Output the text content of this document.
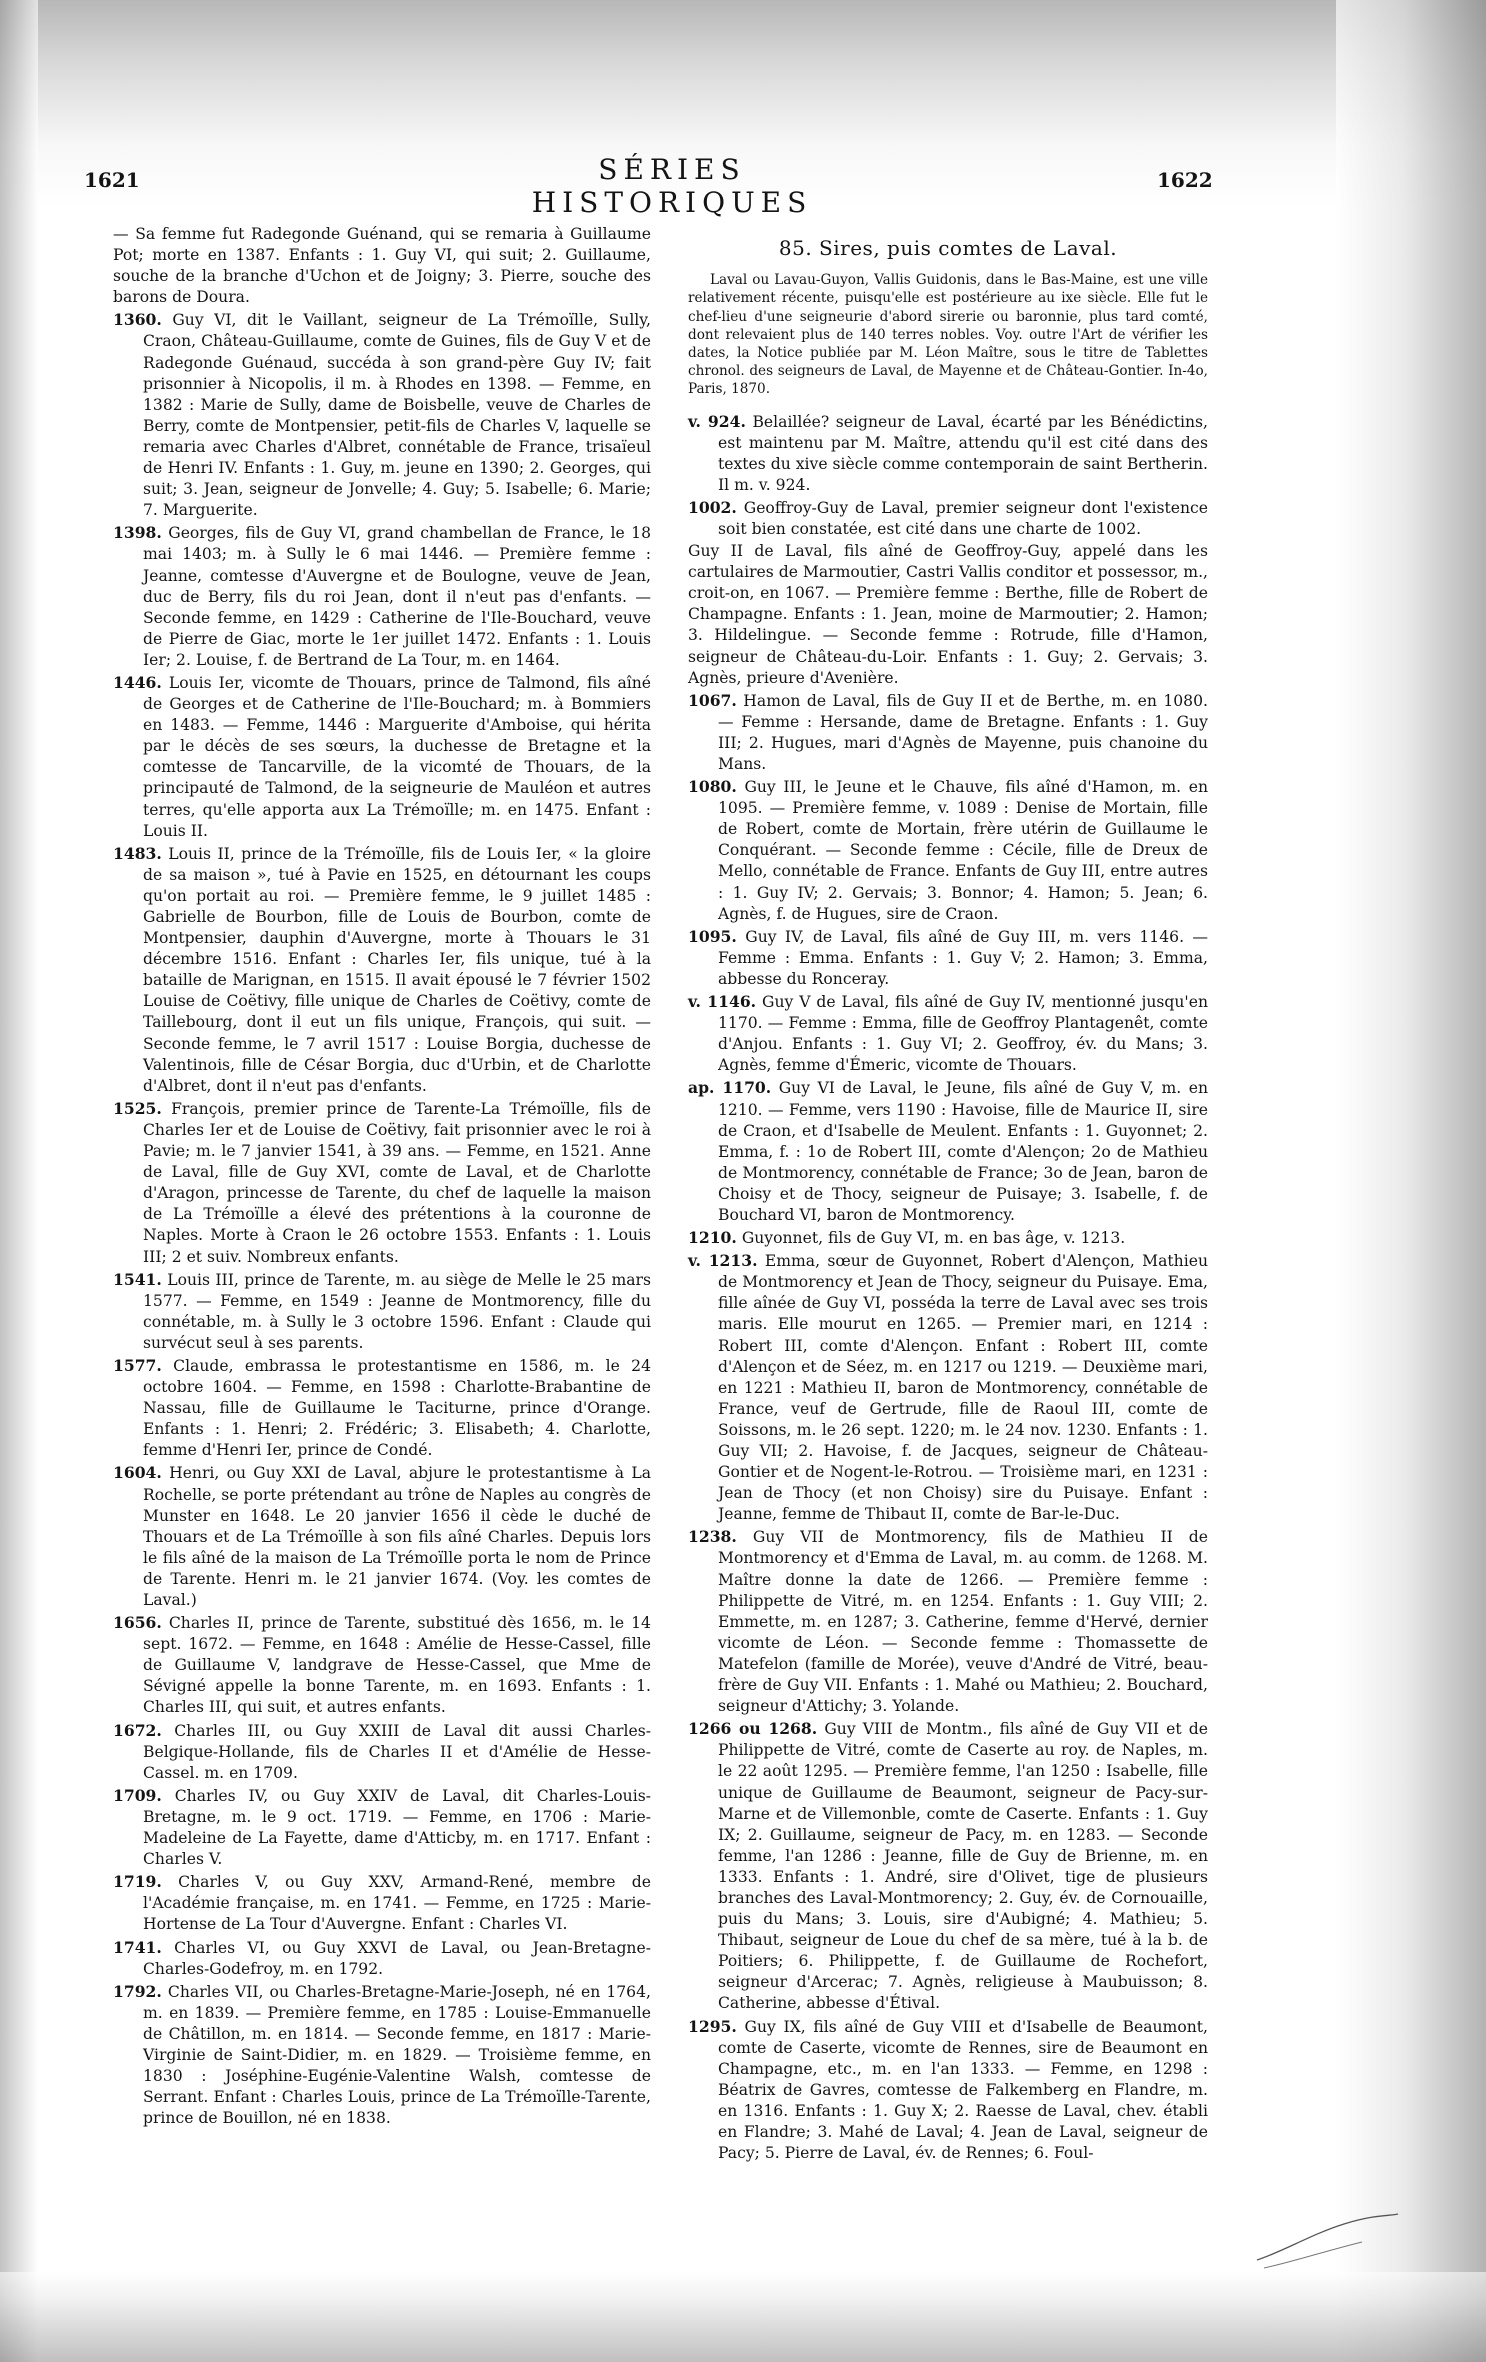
1621	SÉRIES HISTORIQUES
1622
— Sa femme fut Radegonde Guénand, qui se remaria à Guillaume Pot; morte en 1387. Enfants : 1. Guy VI, qui suit; 2. Guillaume, souche de la branche d'Uchon et de Joigny; 3. Pierre, souche des barons de Doura.
1360. Guy VI, dit le Vaillant, seigneur de La Trémoïlle, Sully, Craon, Château-Guillaume, comte de Guines, fils de Guy V et de Radegonde Guénaud, succéda à son grand-père Guy IV; fait prisonnier à Nicopolis, il m. à Rhodes en 1398. — Femme, en 1382 : Marie de Sully, dame de Boisbelle, veuve de Charles de Berry, comte de Montpensier, petit-fils de Charles V, laquelle se remaria avec Charles d'Albret, connétable de France, trisaïeul de Henri IV. Enfants : 1. Guy, m. jeune en 1390; 2. Georges, qui suit; 3. Jean, seigneur de Jonvelle; 4. Guy; 5. Isabelle; 6. Marie; 7. Marguerite.
1398. Georges, fils de Guy VI, grand chambellan de France, le 18 mai 1403; m. à Sully le 6 mai 1446. — Première femme : Jeanne, comtesse d'Auvergne et de Boulogne, veuve de Jean, duc de Berry, fils du roi Jean, dont il n'eut pas d'enfants. — Seconde femme, en 1429 : Catherine de l'Ile-Bouchard, veuve de Pierre de Giac, morte le 1er juillet 1472. Enfants : 1. Louis Ier; 2. Louise, f. de Bertrand de La Tour, m. en 1464.
1446. Louis Ier, vicomte de Thouars, prince de Talmond, fils aîné de Georges et de Catherine de l'Ile-Bouchard; m. à Bommiers en 1483. — Femme, 1446 : Marguerite d'Amboise, qui hérita par le décès de ses sœurs, la duchesse de Bretagne et la comtesse de Tancarville, de la vicomté de Thouars, de la principauté de Talmond, de la seigneurie de Mauléon et autres terres, qu'elle apporta aux La Trémoïlle; m. en 1475. Enfant : Louis II.
1483. Louis II, prince de la Trémoïlle, fils de Louis Ier, « la gloire de sa maison », tué à Pavie en 1525, en détournant les coups qu'on portait au roi. — Première femme, le 9 juillet 1485 : Gabrielle de Bourbon, fille de Louis de Bourbon, comte de Montpensier, dauphin d'Auvergne, morte à Thouars le 31 décembre 1516. Enfant : Charles Ier, fils unique, tué à la bataille de Marignan, en 1515. Il avait épousé le 7 février 1502 Louise de Coëtivy, fille unique de Charles de Coëtivy, comte de Taillebourg, dont il eut un fils unique, François, qui suit. — Seconde femme, le 7 avril 1517 : Louise Borgia, duchesse de Valentinois, fille de César Borgia, duc d'Urbin, et de Charlotte d'Albret, dont il n'eut pas d'enfants.
1525. François, premier prince de Tarente-La Trémoïlle, fils de Charles Ier et de Louise de Coëtivy, fait prisonnier avec le roi à Pavie; m. le 7 janvier 1541, à 39 ans. — Femme, en 1521. Anne de Laval, fille de Guy XVI, comte de Laval, et de Charlotte d'Aragon, princesse de Tarente, du chef de laquelle la maison de La Trémoïlle a élevé des prétentions à la couronne de Naples. Morte à Craon le 26 octobre 1553. Enfants : 1. Louis III; 2 et suiv. Nombreux enfants.
1541. Louis III, prince de Tarente, m. au siège de Melle le 25 mars 1577. — Femme, en 1549 : Jeanne de Montmorency, fille du connétable, m. à Sully le 3 octobre 1596. Enfant : Claude qui survécut seul à ses parents.
1577. Claude, embrassa le protestantisme en 1586, m. le 24 octobre 1604. — Femme, en 1598 : Charlotte-Brabantine de Nassau, fille de Guillaume le Taciturne, prince d'Orange. Enfants : 1. Henri; 2. Frédéric; 3. Elisabeth; 4. Charlotte, femme d'Henri Ier, prince de Condé.
1604. Henri, ou Guy XXI de Laval, abjure le protestantisme à La Rochelle, se porte prétendant au trône de Naples au congrès de Munster en 1648. Le 20 janvier 1656 il cède le duché de Thouars et de La Trémoïlle à son fils aîné Charles. Depuis lors le fils aîné de la maison de La Trémoïlle porta le nom de Prince de Tarente. Henri m. le 21 janvier 1674. (Voy. les comtes de Laval.)
1656. Charles II, prince de Tarente, substitué dès 1656, m. le 14 sept. 1672. — Femme, en 1648 : Amélie de Hesse-Cassel, fille de Guillaume V, landgrave de Hesse-Cassel, que Mme de Sévigné appelle la bonne Tarente, m. en 1693. Enfants : 1. Charles III, qui suit, et autres enfants.
1672. Charles III, ou Guy XXIII de Laval dit aussi Charles-Belgique-Hollande, fils de Charles II et d'Amélie de Hesse-Cassel. m. en 1709.
1709. Charles IV, ou Guy XXIV de Laval, dit Charles-Louis-Bretagne, m. le 9 oct. 1719. — Femme, en 1706 : Marie-Madeleine de La Fayette, dame d'Atticby, m. en 1717. Enfant : Charles V.
1719. Charles V, ou Guy XXV, Armand-René, membre de l'Académie française, m. en 1741. — Femme, en 1725 : Marie-Hortense de La Tour d'Auvergne. Enfant : Charles VI.
1741. Charles VI, ou Guy XXVI de Laval, ou Jean-Bretagne-Charles-Godefroy, m. en 1792.
1792. Charles VII, ou Charles-Bretagne-Marie-Joseph, né en 1764, m. en 1839. — Première femme, en 1785 : Louise-Emmanuelle de Châtillon, m. en 1814. — Seconde femme, en 1817 : Marie-Virginie de Saint-Didier, m. en 1829. — Troisième femme, en 1830 : Joséphine-Eugénie-Valentine Walsh, comtesse de Serrant. Enfant : Charles Louis, prince de La Trémoïlle-Tarente, prince de Bouillon, né en 1838.
85. Sires, puis comtes de Laval.
Laval ou Lavau-Guyon, Vallis Guidonis, dans le Bas-Maine, est une ville relativement récente, puisqu'elle est postérieure au ixe siècle. Elle fut le chef-lieu d'une seigneurie d'abord sirerie ou baronnie, plus tard comté, dont relevaient plus de 140 terres nobles. Voy. outre l'Art de vérifier les dates, la Notice publiée par M. Léon Maître, sous le titre de Tablettes chronol. des seigneurs de Laval, de Mayenne et de Château-Gontier. In-4o, Paris, 1870.
v. 924. Belaillée? seigneur de Laval, écarté par les Bénédictins, est maintenu par M. Maître, attendu qu'il est cité dans des textes du xive siècle comme contemporain de saint Bertherin. Il m. v. 924.
1002. Geoffroy-Guy de Laval, premier seigneur dont l'existence soit bien constatée, est cité dans une charte de 1002.
Guy II de Laval, fils aîné de Geoffroy-Guy, appelé dans les cartulaires de Marmoutier, Castri Vallis conditor et possessor, m., croit-on, en 1067. — Première femme : Berthe, fille de Robert de Champagne. Enfants : 1. Jean, moine de Marmoutier; 2. Hamon; 3. Hildelingue. — Seconde femme : Rotrude, fille d'Hamon, seigneur de Château-du-Loir. Enfants : 1. Guy; 2. Gervais; 3. Agnès, prieure d'Avenière.
1067. Hamon de Laval, fils de Guy II et de Berthe, m. en 1080. — Femme : Hersande, dame de Bretagne. Enfants : 1. Guy III; 2. Hugues, mari d'Agnès de Mayenne, puis chanoine du Mans.
1080. Guy III, le Jeune et le Chauve, fils aîné d'Hamon, m. en 1095. — Première femme, v. 1089 : Denise de Mortain, fille de Robert, comte de Mortain, frère utérin de Guillaume le Conquérant. — Seconde femme : Cécile, fille de Dreux de Mello, connétable de France. Enfants de Guy III, entre autres : 1. Guy IV; 2. Gervais; 3. Bonnor; 4. Hamon; 5. Jean; 6. Agnès, f. de Hugues, sire de Craon.
1095. Guy IV, de Laval, fils aîné de Guy III, m. vers 1146. — Femme : Emma. Enfants : 1. Guy V; 2. Hamon; 3. Emma, abbesse du Ronceray.
v. 1146. Guy V de Laval, fils aîné de Guy IV, mentionné jusqu'en 1170. — Femme : Emma, fille de Geoffroy Plantagenêt, comte d'Anjou. Enfants : 1. Guy VI; 2. Geoffroy, év. du Mans; 3. Agnès, femme d'Émeric, vicomte de Thouars.
ap. 1170. Guy VI de Laval, le Jeune, fils aîné de Guy V, m. en 1210. — Femme, vers 1190 : Havoise, fille de Maurice II, sire de Craon, et d'Isabelle de Meulent. Enfants : 1. Guyonnet; 2. Emma, f. : 1o de Robert III, comte d'Alençon; 2o de Mathieu de Montmorency, connétable de France; 3o de Jean, baron de Choisy et de Thocy, seigneur de Puisaye; 3. Isabelle, f. de Bouchard VI, baron de Montmorency.
1210. Guyonnet, fils de Guy VI, m. en bas âge, v. 1213.
v. 1213. Emma, sœur de Guyonnet, Robert d'Alençon, Mathieu de Montmorency et Jean de Thocy, seigneur du Puisaye. Ema, fille aînée de Guy VI, posséda la terre de Laval avec ses trois maris. Elle mourut en 1265. — Premier mari, en 1214 : Robert III, comte d'Alençon. Enfant : Robert III, comte d'Alençon et de Séez, m. en 1217 ou 1219. — Deuxième mari, en 1221 : Mathieu II, baron de Montmorency, connétable de France, veuf de Gertrude, fille de Raoul III, comte de Soissons, m. le 26 sept. 1220; m. le 24 nov. 1230. Enfants : 1. Guy VII; 2. Havoise, f. de Jacques, seigneur de Château-Gontier et de Nogent-le-Rotrou. — Troisième mari, en 1231 : Jean de Thocy (et non Choisy) sire du Puisaye. Enfant : Jeanne, femme de Thibaut II, comte de Bar-le-Duc.
1238. Guy VII de Montmorency, fils de Mathieu II de Montmorency et d'Emma de Laval, m. au comm. de 1268. M. Maître donne la date de 1266. — Première femme : Philippette de Vitré, m. en 1254. Enfants : 1. Guy VIII; 2. Emmette, m. en 1287; 3. Catherine, femme d'Hervé, dernier vicomte de Léon. — Seconde femme : Thomassette de Matefelon (famille de Morée), veuve d'André de Vitré, beau-frère de Guy VII. Enfants : 1. Mahé ou Mathieu; 2. Bouchard, seigneur d'Attichy; 3. Yolande.
1266 ou 1268. Guy VIII de Montm., fils aîné de Guy VII et de Philippette de Vitré, comte de Caserte au roy. de Naples, m. le 22 août 1295. — Première femme, l'an 1250 : Isabelle, fille unique de Guillaume de Beaumont, seigneur de Pacy-sur-Marne et de Villemonble, comte de Caserte. Enfants : 1. Guy IX; 2. Guillaume, seigneur de Pacy, m. en 1283. — Seconde femme, l'an 1286 : Jeanne, fille de Guy de Brienne, m. en 1333. Enfants : 1. André, sire d'Olivet, tige de plusieurs branches des Laval-Montmorency; 2. Guy, év. de Cornouaille, puis du Mans; 3. Louis, sire d'Aubigné; 4. Mathieu; 5. Thibaut, seigneur de Loue du chef de sa mère, tué à la b. de Poitiers; 6. Philippette, f. de Guillaume de Rochefort, seigneur d'Arcerac; 7. Agnès, religieuse à Maubuisson; 8. Catherine, abbesse d'Étival.
1295. Guy IX, fils aîné de Guy VIII et d'Isabelle de Beaumont, comte de Caserte, vicomte de Rennes, sire de Beaumont en Champagne, etc., m. en l'an 1333. — Femme, en 1298 : Béatrix de Gavres, comtesse de Falkemberg en Flandre, m. en 1316. Enfants : 1. Guy X; 2. Raesse de Laval, chev. établi en Flandre; 3. Mahé de Laval; 4. Jean de Laval, seigneur de Pacy; 5. Pierre de Laval, év. de Rennes; 6. Foul-
